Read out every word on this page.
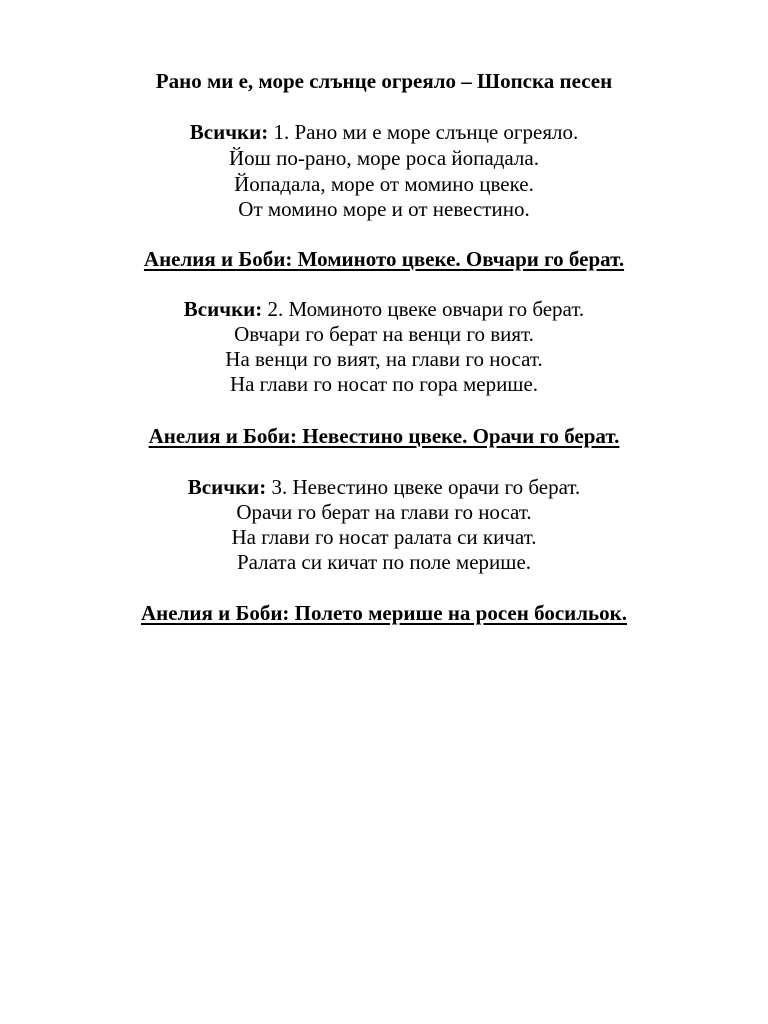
Рано ми е, море слънце огреяло – Шопска песен
Всички: 1. Рано ми е море слънце огреяло.
Йош по-рано, море роса йопадала.
Йопадала, море от момино цвеке.
От момино море и от невестино.
Анелия и Боби: Моминото цвеке. Овчари го берат.
Всички: 2. Моминото цвеке овчари го берат.
Овчари го берат на венци го вият.
На венци го вият, на глави го носат.
На глави го носат по гора мерише.
Анелия и Боби: Невестино цвеке. Орачи го берат.
Всички: 3. Невестино цвеке орачи го берат.
Орачи го берат на глави го носат.
На глави го носат ралата си кичат.
Ралата си кичат по поле мерише.
Анелия и Боби: Полето мерише на росен босильок.
